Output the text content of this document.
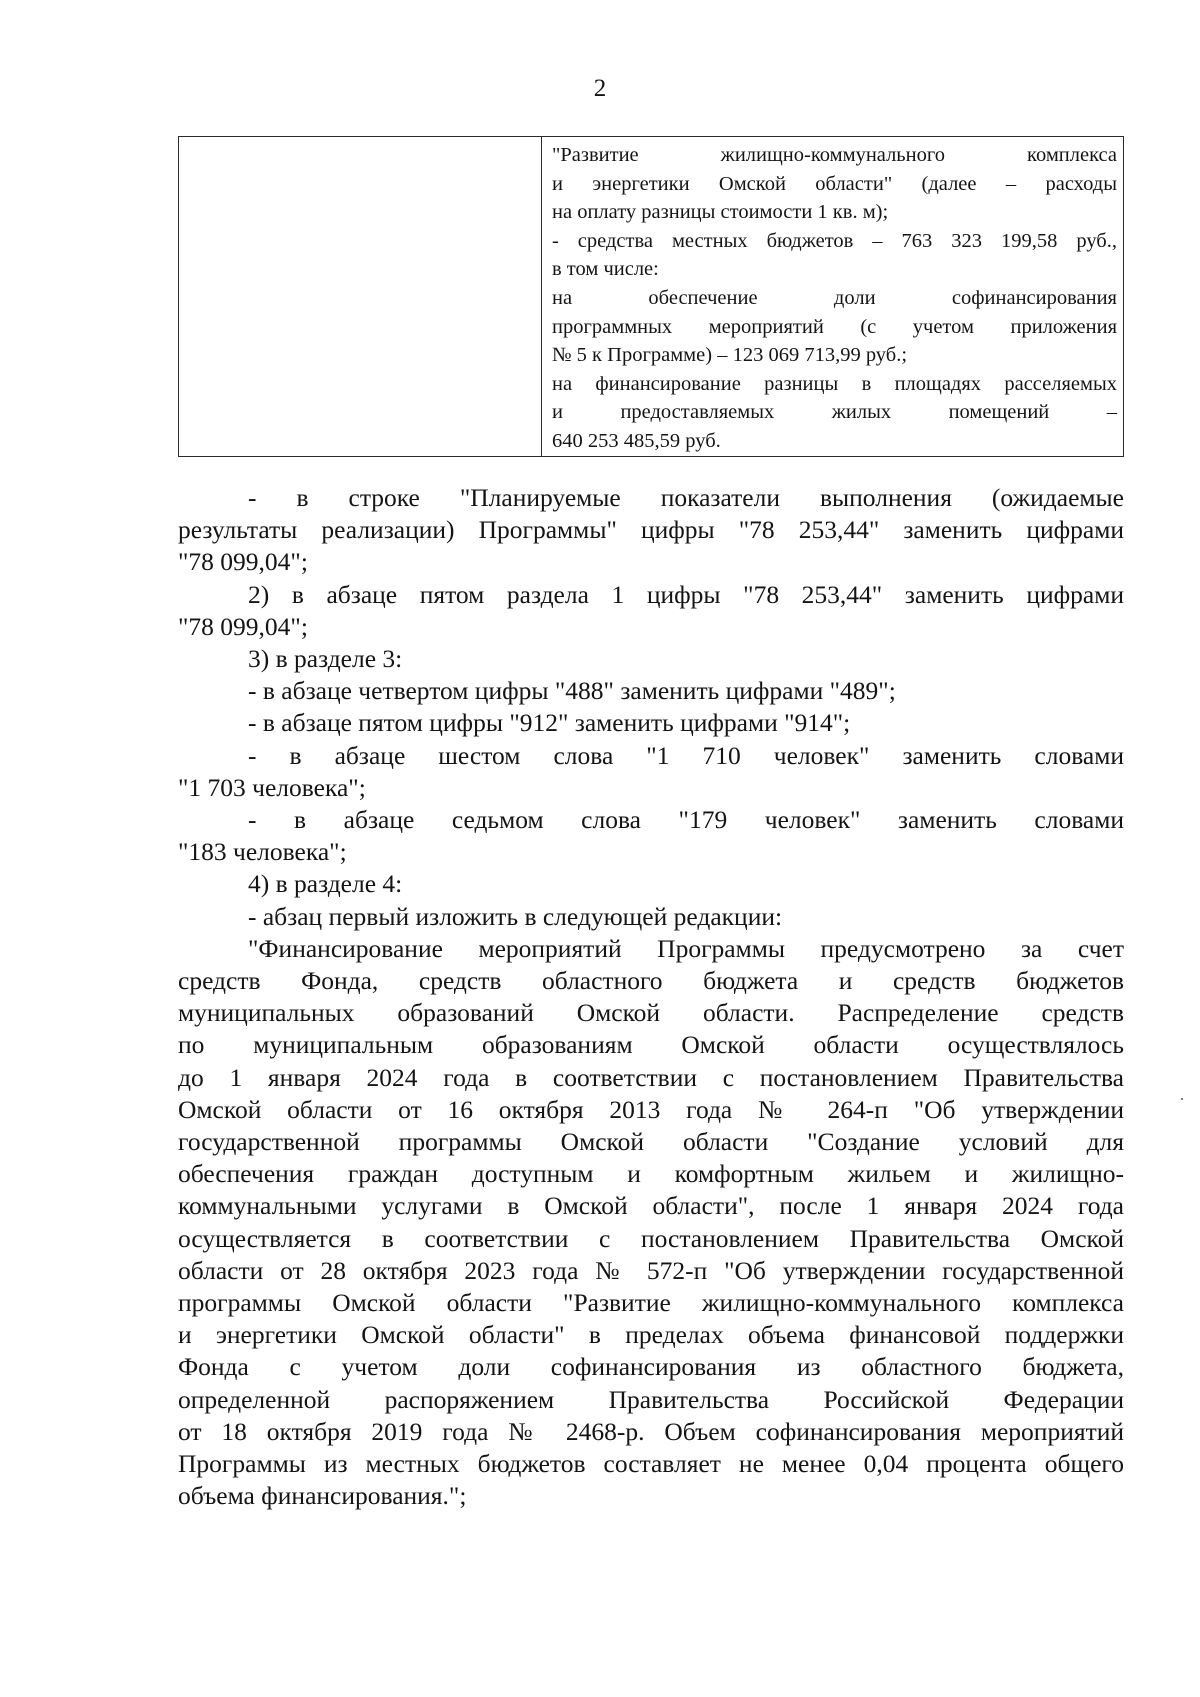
2

"Развитие жилищно-коммунального комплекса
и энергетики Омской области" (далее – расходы
на оплату разницы стоимости 1 кв. м);
- средства местных бюджетов – 763 323 199,58 руб.,
в том числе:
на обеспечение доли софинансирования
программных мероприятий (с учетом приложения
№ 5 к Программе) – 123 069 713,99 руб.;
на финансирование разницы в площадях расселяемых
и предоставляемых жилых помещений –
640 253 485,59 руб.
- в строке "Планируемые показатели выполнения (ожидаемые
результаты реализации) Программы" цифры "78 253,44" заменить цифрами
"78 099,04";
2) в абзаце пятом раздела 1 цифры "78 253,44" заменить цифрами
"78 099,04";
3) в разделе 3:
- в абзаце четвертом цифры "488" заменить цифрами "489";
- в абзаце пятом цифры "912" заменить цифрами "914";
- в абзаце шестом слова "1 710 человек" заменить словами
"1 703 человека";
- в абзаце седьмом слова "179 человек" заменить словами
"183 человека";
4) в разделе 4:
- абзац первый изложить в следующей редакции:
"Финансирование мероприятий Программы предусмотрено за счет
средств Фонда, средств областного бюджета и средств бюджетов
муниципальных образований Омской области. Распределение средств
по муниципальным образованиям Омской области осуществлялось
до 1 января 2024 года в соответствии с постановлением Правительства
Омской области от 16 октября 2013 года № 264-п "Об утверждении
государственной программы Омской области "Создание условий для
обеспечения граждан доступным и комфортным жильем и жилищно-
коммунальными услугами в Омской области", после 1 января 2024 года
осуществляется в соответствии с постановлением Правительства Омской
области от 28 октября 2023 года № 572-п "Об утверждении государственной
программы Омской области "Развитие жилищно-коммунального комплекса
и энергетики Омской области" в пределах объема финансовой поддержки
Фонда с учетом доли софинансирования из областного бюджета,
определенной распоряжением Правительства Российской Федерации
от 18 октября 2019 года № 2468-р. Объем софинансирования мероприятий
Программы из местных бюджетов составляет не менее 0,04 процента общего
объема финансирования.";
